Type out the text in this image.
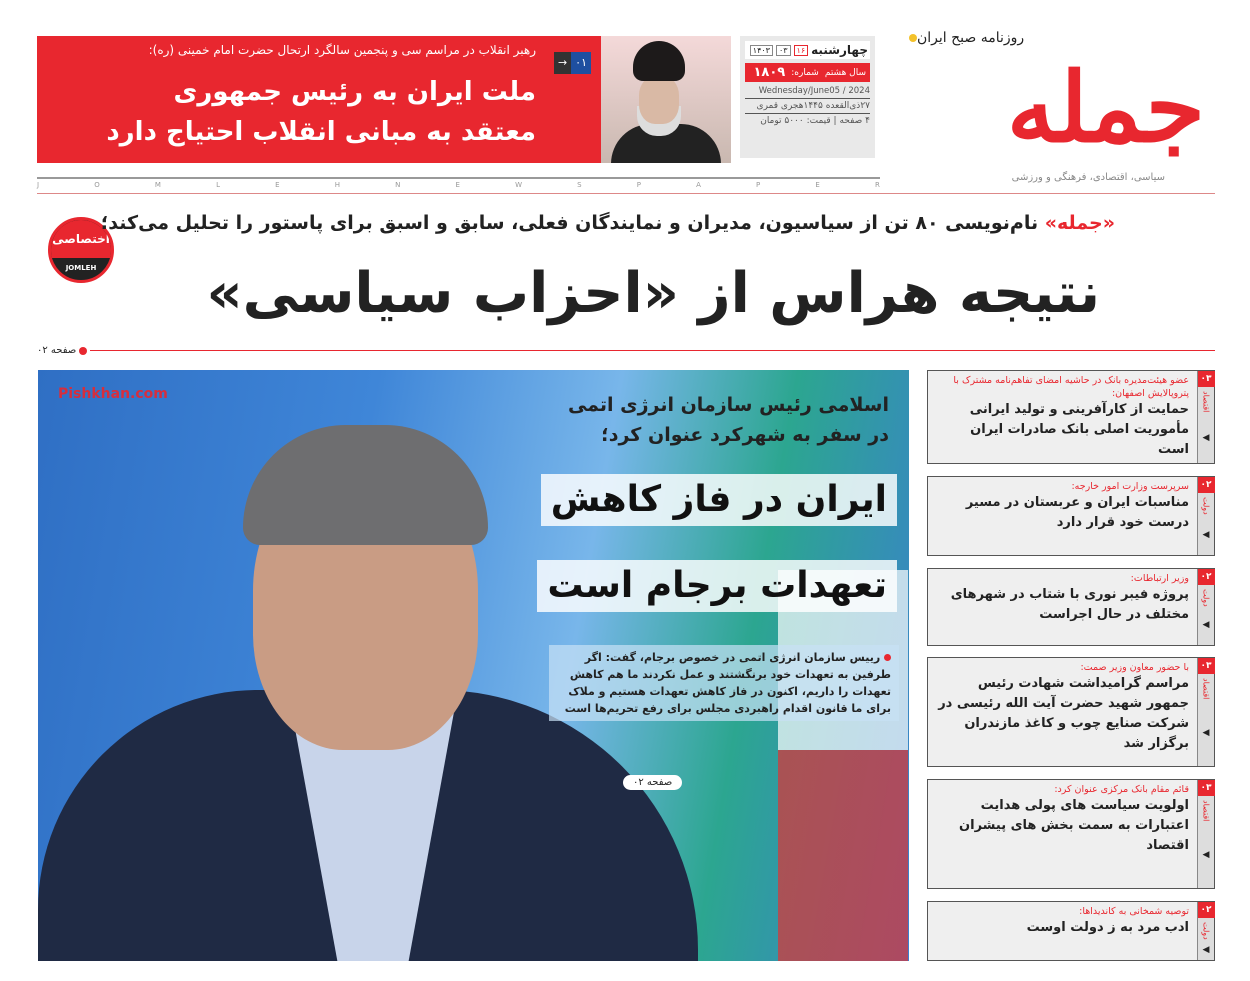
روزنامه صبح ایران
جمله
سیاسی، اقتصادی، فرهنگی و ورزشی
چهارشنبه
۱۶
۰۳
۱۴۰۳
سال هشتم
شماره:
۱۸۰۹
Wednesday/June05 / 2024
۲۷ذی‌القعده ۱۴۴۵هجری قمری
۴ صفحه | قیمت: ۵۰۰۰ تومان
رهبر انقلاب در مراسم سی و پنجمین سالگرد ارتحال حضرت امام خمینی (ره):
۰۱
→
ملت ایران به رئیس جمهوری
معتقد به مبانی انقلاب احتیاج دارد
J	O	M	L	E	H	N	E	W	S	P	A	P	E	R
اختصاصی
JOMLEH
«جمله» نام‌نویسی ۸۰ تن از سیاسیون، مدیران و نمایندگان فعلی، سابق و اسبق برای پاستور را تحلیل می‌کند؛
نتیجه هراس از «احزاب سیاسی»
صفحه ۰۲
Pishkhan.com	اسلامی رئیس سازمان انرژی اتمی
در سفر به شهرکرد عنوان کرد؛
ایران در فاز کاهش
تعهدات برجام است
رییس سازمان انرژی اتمی در خصوص برجام، گفت: اگر طرفین به تعهدات خود برنگشتند و عمل نکردند ما هم کاهش تعهدات را داریم، اکنون در فاز کاهش تعهدات هستیم و ملاک برای ما قانون اقدام راهبردی مجلس برای رفع تحریم‌ها است
صفحه ۰۲
۰۳
اقتصاد
◀
عضو هیئت‌مدیره بانک در حاشیه امضای تفاهم‌نامه مشترک با پتروپالایش اصفهان:
حمایت از کارآفرینی و تولید ایرانی مأموریت اصلی بانک صادرات ایران است
۰۲
دولت
◀
سرپرست وزارت امور خارجه:
مناسبات ایران و عربستان در مسیر درست خود قرار دارد
۰۲
دولت
◀
وزیر ارتباطات:
پروژه فیبر نوری با شتاب در شهرهای مختلف در حال اجراست
۰۳
اقتصاد
◀
با حضور معاون وزیر صمت:
مراسم گرامیداشت شهادت رئیس جمهور شهید حضرت آیت الله رئیسی در شرکت صنایع چوب و کاغذ مازندران برگزار شد
۰۳
اقتصاد
◀
قائم مقام بانک مرکزی عنوان کرد:
اولویت سیاست های پولی هدایت اعتبارات به سمت بخش های پیشران اقتصاد
۰۲
دولت
◀
توصیه شمخانی به کاندیداها:
ادب مرد به ز دولت اوست
